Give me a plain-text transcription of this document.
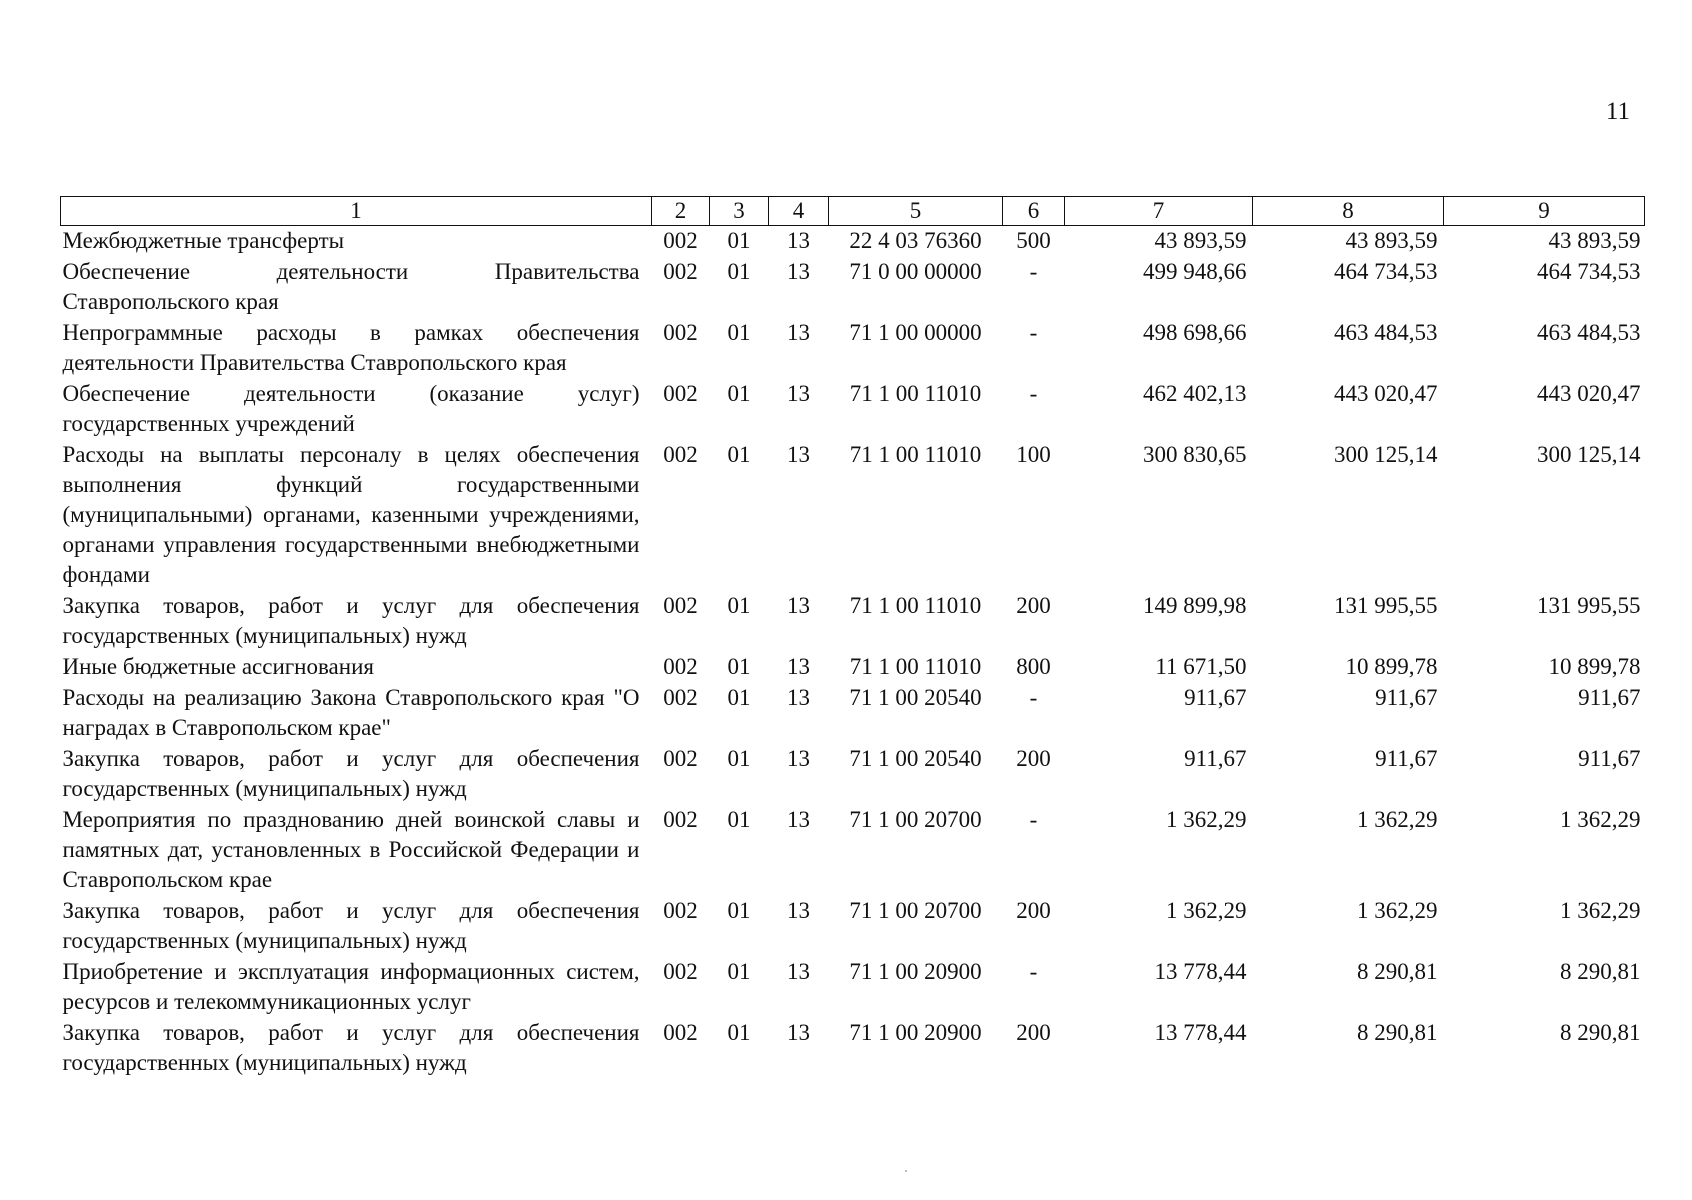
11
1	2	3	4	5	6	7	8	9
Межбюджетные трансферты	002	01	13	22 4 03 76360	500	43 893,59	43 893,59	43 893,59
Обеспечение деятельности Правительства Ставропольского края	002	01	13	71 0 00 00000	-	499 948,66	464 734,53	464 734,53
Непрограммные расходы в рамках обеспечения деятельности Правительства Ставропольского края	002	01	13	71 1 00 00000	-	498 698,66	463 484,53	463 484,53
Обеспечение деятельности (оказание услуг) государственных учреждений	002	01	13	71 1 00 11010	-	462 402,13	443 020,47	443 020,47
Расходы на выплаты персоналу в целях обеспечения выполнения функций государственными (муниципальными) органами, казенными учреждениями, органами управления государственными внебюджетными фондами	002	01	13	71 1 00 11010	100	300 830,65	300 125,14	300 125,14
Закупка товаров, работ и услуг для обеспечения государственных (муниципальных) нужд	002	01	13	71 1 00 11010	200	149 899,98	131 995,55	131 995,55
Иные бюджетные ассигнования	002	01	13	71 1 00 11010	800	11 671,50	10 899,78	10 899,78
Расходы на реализацию Закона Ставропольского края "О наградах в Ставропольском крае"	002	01	13	71 1 00 20540	-	911,67	911,67	911,67
Закупка товаров, работ и услуг для обеспечения государственных (муниципальных) нужд	002	01	13	71 1 00 20540	200	911,67	911,67	911,67
Мероприятия по празднованию дней воинской славы и памятных дат, установленных в Российской Федерации и Ставропольском крае	002	01	13	71 1 00 20700	-	1 362,29	1 362,29	1 362,29
Закупка товаров, работ и услуг для обеспечения государственных (муниципальных) нужд	002	01	13	71 1 00 20700	200	1 362,29	1 362,29	1 362,29
Приобретение и эксплуатация информационных систем, ресурсов и телекоммуникационных услуг	002	01	13	71 1 00 20900	-	13 778,44	8 290,81	8 290,81
Закупка товаров, работ и услуг для обеспечения государственных (муниципальных) нужд	002	01	13	71 1 00 20900	200	13 778,44	8 290,81	8 290,81
